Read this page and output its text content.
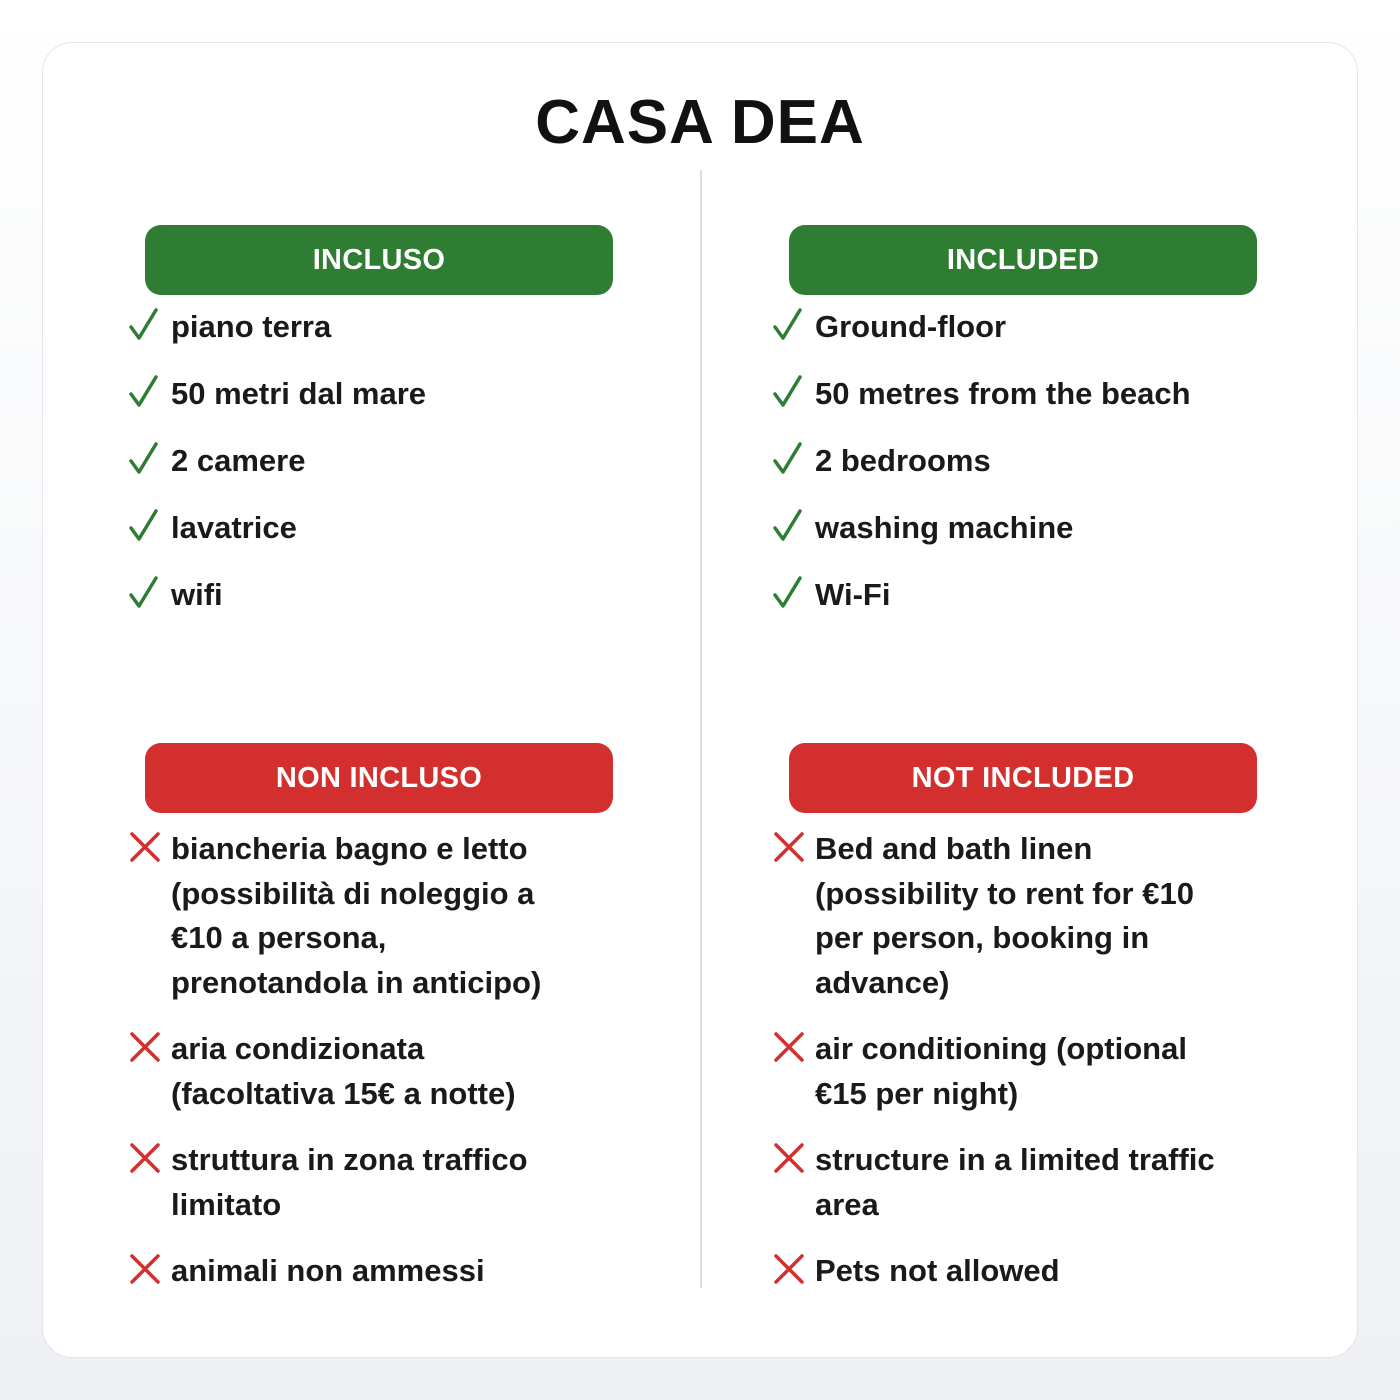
CASA DEA
INCLUSO
piano terra
50 metri dal mare
2 camere
lavatrice
wifi
NON INCLUSO
biancheria bagno e letto (possibilità di noleggio a €10 a persona, prenotandola in anticipo)
aria condizionata (facoltativa 15€ a notte)
struttura in zona traffico limitato
animali non ammessi
INCLUDED
Ground-floor
50 metres from the beach
2 bedrooms
washing machine
Wi-Fi
NOT INCLUDED
Bed and bath linen (possibility to rent for €10 per person, booking in advance)
air conditioning (optional €15 per night)
structure in a limited traffic area
Pets not allowed
